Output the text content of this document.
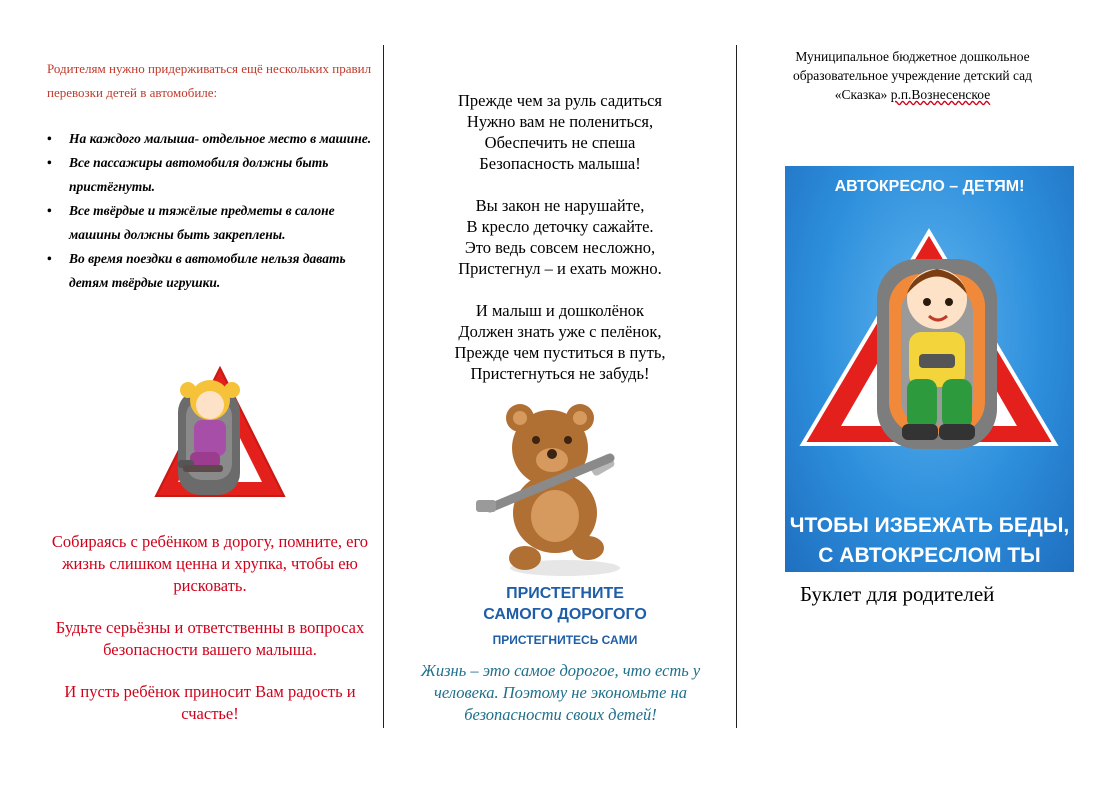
Родителям нужно придерживаться ещё нескольких правил перевозки детей в автомобиле:
• На каждого малыша- отдельное место в машине.
• Все пассажиры автомобиля должны быть пристёгнуты.
• Все твёрдые и тяжёлые предметы в салоне машины должны быть закреплены.
• Во время поездки в автомобиле нельзя давать детям твёрдые игрушки.
Собираясь с ребёнком в дорогу, помните, его жизнь слишком ценна и хрупка, чтобы ею рисковать.
Будьте серьёзны и ответственны в вопросах безопасности вашего малыша.
И пусть ребёнок приносит Вам радость и счастье!
Прежде чем за руль садиться
Нужно вам не полениться,
Обеспечить не спеша
Безопасность малыша!
Вы закон не нарушайте,
В кресло деточку сажайте.
Это ведь совсем несложно,
Пристегнул – и ехать можно.
И малыш и дошколёнок
Должен знать уже с пелёнок,
Прежде чем пуститься в путь,
Пристегнуться не забудь!
ПРИСТЕГНИТЕ
САМОГО ДОРОГОГО
ПРИСТЕГНИТЕСЬ САМИ
Жизнь – это самое дорогое, что есть у человека. Поэтому не экономьте на безопасности своих детей!
Муниципальное бюджетное дошкольное
образовательное учреждение детский сад
«Сказка» р.п.Вознесенское
АВТОКРЕСЛО – ДЕТЯМ!
ЧТОБЫ ИЗБЕЖАТЬ БЕДЫ,
С АВТОКРЕСЛОМ ТЫ
Буклет для родителей
